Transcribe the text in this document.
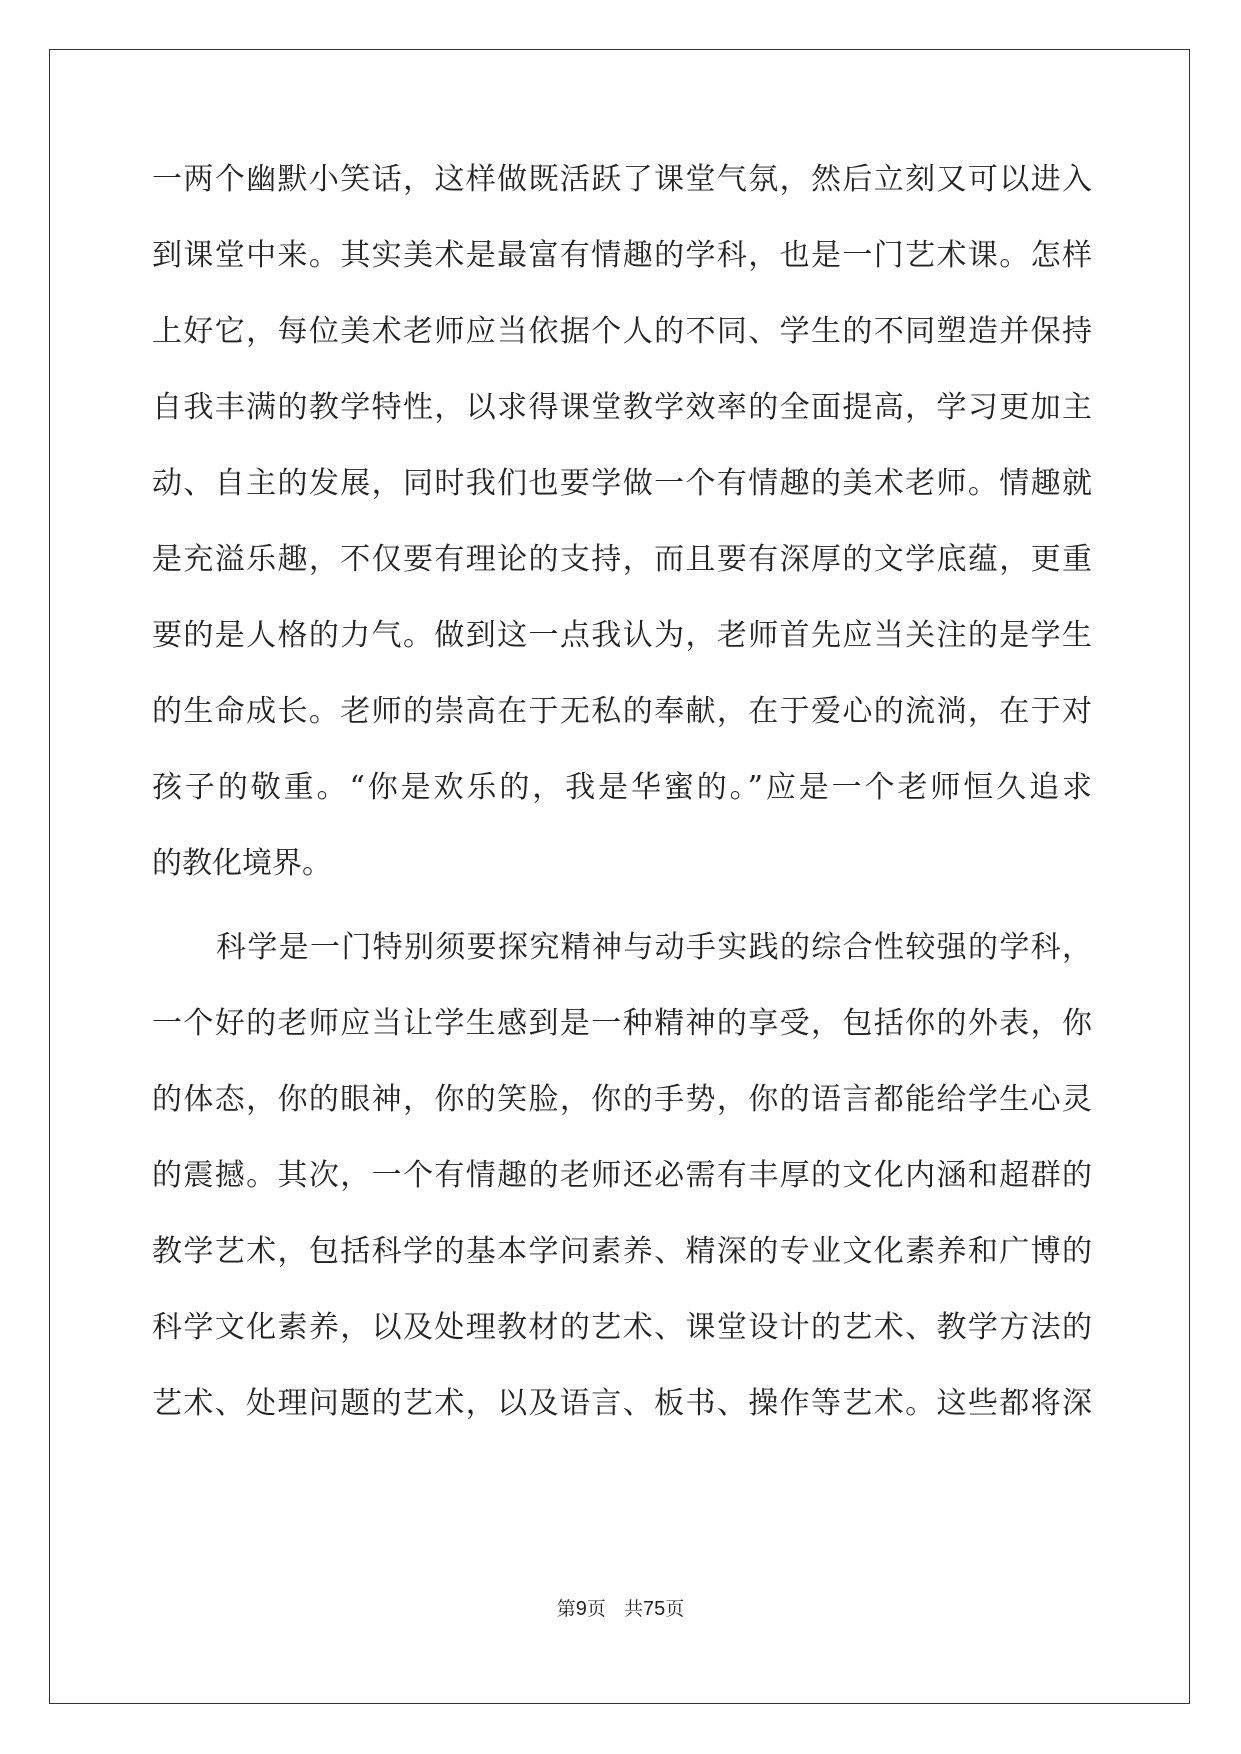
一两个幽默小笑话，这样做既活跃了课堂气氛，然后立刻又可以进入
到课堂中来。其实美术是最富有情趣的学科，也是一门艺术课。怎样
上好它，每位美术老师应当依据个人的不同、学生的不同塑造并保持
自我丰满的教学特性，以求得课堂教学效率的全面提高，学习更加主
动、自主的发展，同时我们也要学做一个有情趣的美术老师。情趣就
是充溢乐趣，不仅要有理论的支持，而且要有深厚的文学底蕴，更重
要的是人格的力气。做到这一点我认为，老师首先应当关注的是学生
的生命成长。老师的崇高在于无私的奉献，在于爱心的流淌，在于对
孩子的敬重。“你是欢乐的，我是华蜜的。”应是一个老师恒久追求
的教化境界。
科学是一门特别须要探究精神与动手实践的综合性较强的学科，
一个好的老师应当让学生感到是一种精神的享受，包括你的外表，你
的体态，你的眼神，你的笑脸，你的手势，你的语言都能给学生心灵
的震撼。其次，一个有情趣的老师还必需有丰厚的文化内涵和超群的
教学艺术，包括科学的基本学问素养、精深的专业文化素养和广博的
科学文化素养，以及处理教材的艺术、课堂设计的艺术、教学方法的
艺术、处理问题的艺术，以及语言、板书、操作等艺术。这些都将深
第9页 共75页
